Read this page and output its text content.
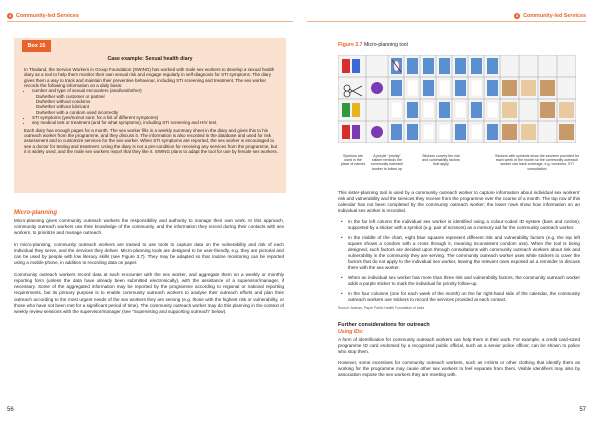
3 Community-led Services
Box 15
Case example: Sexual health diary

In Thailand, the Service Workers in Group Foundation (SWING) has worked with male sex workers to develop a sexual health diary as a tool to help them monitor their own sexual risk and engage regularly in self-diagnosis for STI symptoms. The diary gives them a way to track and maintain their preventive behaviour, including STI screening and treatment. The sex worker records the following information on a daily basis:

• number and type of sexual encounters (anal/oral/other)
Dwhether with customer or partner
Dwhether without condoms
Dwhether without lubricant
Dwhether with a condom used incorrectly
• STI symptoms (yes/no/not sure; for a list of different symptoms)
• any medical test or treatment (and for what symptoms), including STI screening and HIV test.

Each diary has enough pages for a month. The sex worker fills in a weekly summary sheet in the diary and gives this to his outreach worker from the programme, and they discuss it. The information is also recorded in the database and used for risk assessment and to customize services for the sex worker. When STI symptoms are reported, the sex worker is encouraged to see a doctor for testing and treatment. Using the diary is not a pre-condition for receiving any services from the programme, but it is widely used, and the male sex workers report that they like it. SWING plans to adapt the tool for use by female sex workers.

Micro-planning

Micro-planning gives community outreach workers the responsibility and authority to manage their own work. In this approach, community outreach workers use their knowledge of the community, and the information they record during their contacts with sex workers, to prioritize and manage outreach.

In micro-planning, community outreach workers are trained to use tools to capture data on the vulnerability and risk of each individual they serve, and the services they deliver. Micro-planning tools are designed to be user-friendly, e.g. they are pictorial and can be used by people with low literacy skills (see Figure 3.7). They may be adapted so that routine monitoring can be reported using a mobile phone, in addition to recording data on paper.

Community outreach workers record data at each encounter with the sex worker, and aggregate them on a weekly or monthly reporting form (unless the data have already been submitted electronically), with the assistance of a supervisor/manager, if necessary. Some of the aggregated information may be reported by the programme according to regional or national reporting requirements, but its primary purpose is to enable community outreach workers to analyse their outreach efforts and plan their outreach according to the most urgent needs of the sex workers they are serving (e.g. those with the highest risk or vulnerability, or those who have not been met for a significant period of time). The community outreach worker may do this planning in the context of weekly review sessions with the supervisor/manager (see "Supervising and supporting outreach" below).

56
3 Community-led Services
Figure 3.7 Micro-planning tool
Symbols are used in the place of names
A purple "priority" sticker reminds the community outreach worker to follow up
Stickers convey the risk and vulnerability factors that apply
Stickers with symbols show the services provided for each week of the month so the community outreach worker can track coverage, e.g. condoms, STI consultation

This sister-planning tool is used by a community outreach worker to capture information about individual sex workers' risk and vulnerability and the services they receive from the programme over the course of a month. The top row of this calendar has not been completed by the community outreach worker; the lower rows show how information on an individual sex worker is recorded.

• In the far left column the individual sex worker is identified using a colour-coded ID system (bars and circles), supported by a sticker with a symbol (e.g. pair of scissors) as a memory aid for the community outreach worker.
• In the middle of the chart, eight blue squares represent different risk and vulnerability factors (e.g. the top left square shows a condom with a cross through it, meaning inconsistent condom use). When the tool is being designed, such factors are decided upon through consultations with community outreach workers about risk and vulnerability in the community they are serving. The community outreach worker uses white stickers to cover the factors that do not apply to the individual sex worker, leaving the relevant ones exposed as a reminder to discuss them with the sex worker.
• When an individual sex worker has more than three risk and vulnerability factors, the community outreach worker adds a purple sticker to mark the individual for priority follow-up.
• In the four columns (one for each week of the month) on the far right-hand side of the calendar, the community outreach workers use stickers to record the services provided at each contact.
Source: Avahan, Paych Public Health Foundation of India
Further considerations for outreach
Using IDs:

A form of identification for community outreach workers can help them in their work. For example, a credit card-sized programme ID card endorsed by a recognized public official, such as a senior police officer, can be shown to police who stop them.

However, some incentives for community outreach workers, such as t-shirts or other clothing that identify them as working for the programme may cause other sex workers to feel separate from them. Visible identifiers may also by association expose the sex workers they are meeting with.

57
